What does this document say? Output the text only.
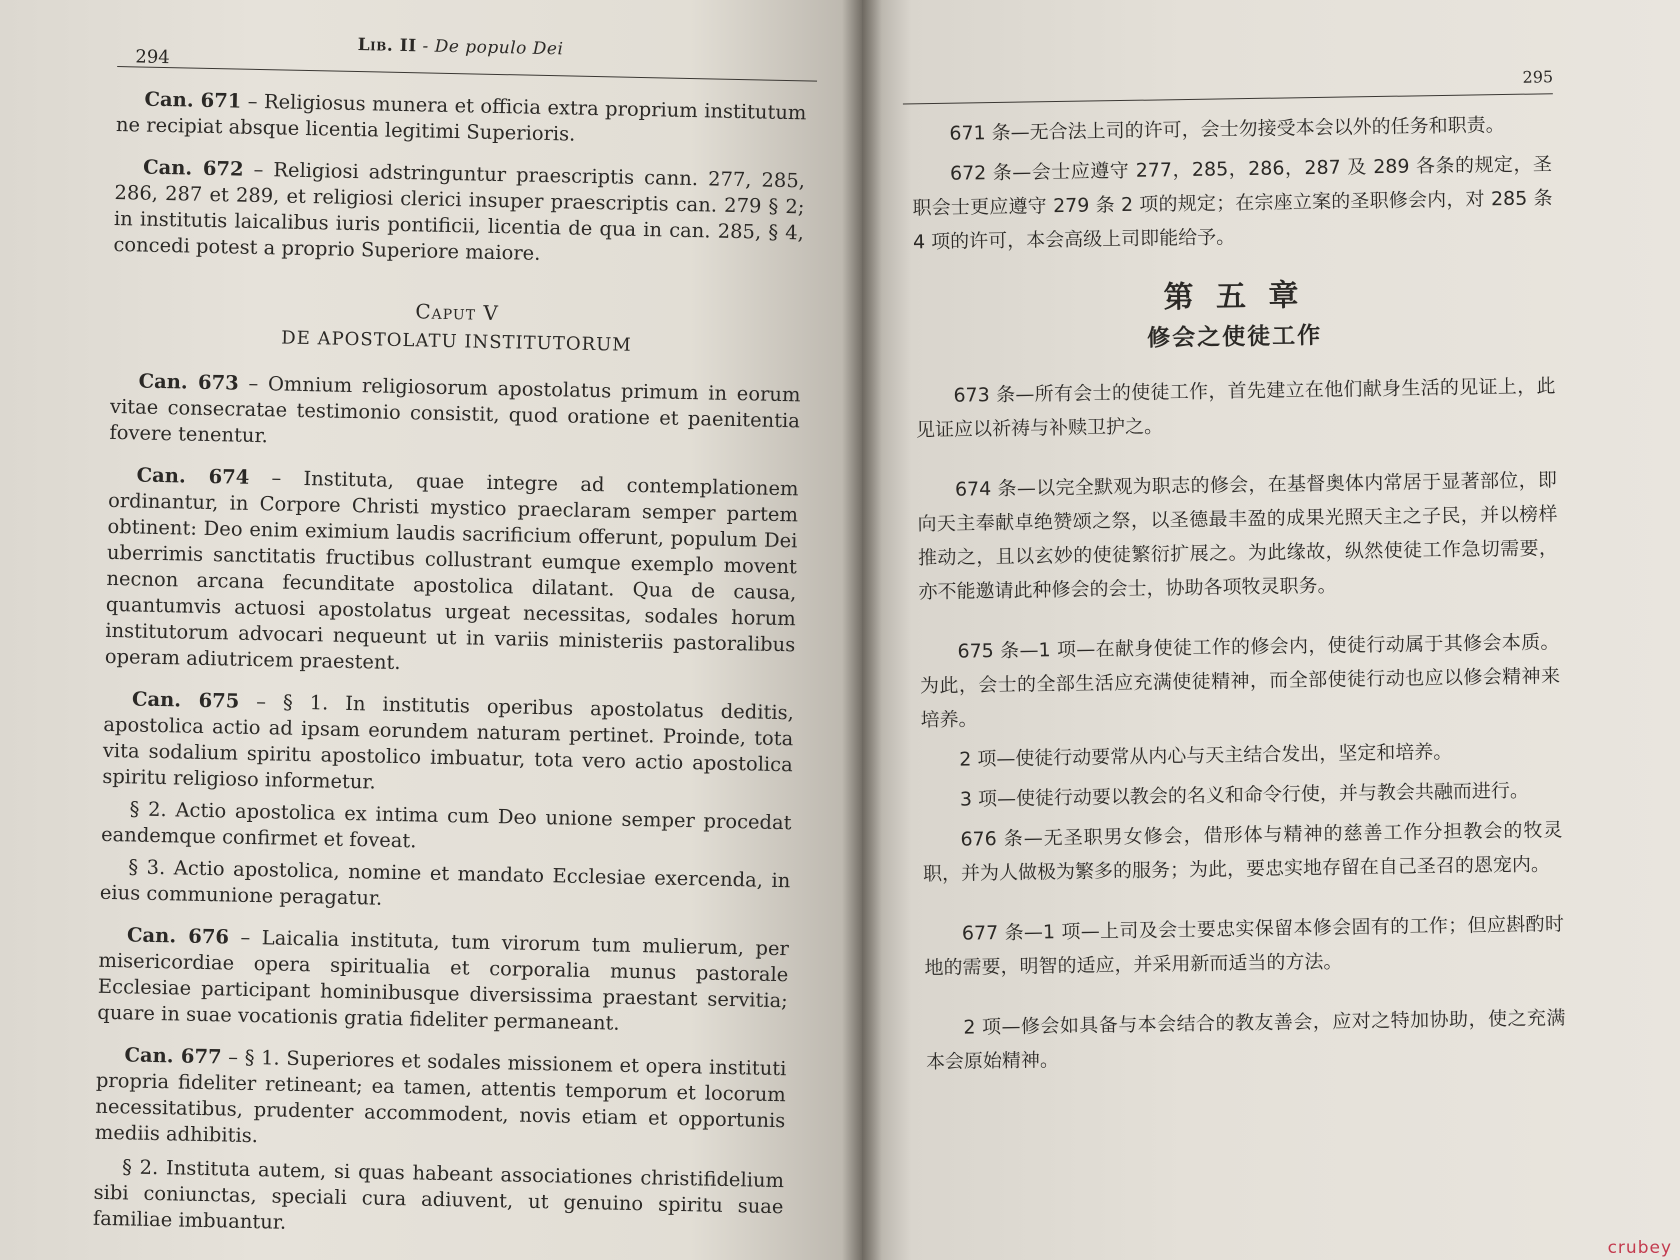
294
Lib. II - De populo Dei

Can. 671 – Religiosus munera et officia extra proprium institutum ne recipiat absque licentia legitimi Superioris.

Can. 672 – Religiosi adstringuntur praescriptis cann. 277, 285, 286, 287 et 289, et religiosi clerici insuper praescriptis can. 279 § 2; in institutis laicalibus iuris pontificii, licentia de qua in can. 285, § 4, concedi potest a proprio Superiore maiore.

Caput V
DE APOSTOLATU INSTITUTORUM

Can. 673 – Omnium religiosorum apostolatus primum in eorum vitae consecratae testimonio consistit, quod oratione et paenitentia fovere tenentur.

Can. 674 – Instituta, quae integre ad contemplationem ordinantur, in Corpore Christi mystico praeclaram semper partem obtinent: Deo enim eximium laudis sacrificium offerunt, populum Dei uberrimis sanctitatis fructibus collustrant eumque exemplo movent necnon arcana fecunditate apostolica dilatant. Qua de causa, quantumvis actuosi apostolatus urgeat necessitas, sodales horum institutorum advocari nequeunt ut in variis ministeriis pastoralibus operam adiutricem praestent.

Can. 675 – § 1. In institutis operibus apostolatus deditis, apostolica actio ad ipsam eorundem naturam pertinet. Proinde, tota vita sodalium spiritu apostolico imbuatur, tota vero actio apostolica spiritu religioso informetur.

§ 2. Actio apostolica ex intima cum Deo unione semper procedat eandemque confirmet et foveat.

§ 3. Actio apostolica, nomine et mandato Ecclesiae exercenda, in eius communione peragatur.

Can. 676 – Laicalia instituta, tum virorum tum mulierum, per misericordiae opera spiritualia et corporalia munus pastorale Ecclesiae participant hominibusque diversissima praestant servitia; quare in suae vocationis gratia fideliter permaneant.

Can. 677 – § 1. Superiores et sodales missionem et opera instituti propria fideliter retineant; ea tamen, attentis temporum et locorum necessitatibus, prudenter accommodent, novis etiam et opportunis mediis adhibitis.

§ 2. Instituta autem, si quas habeant associationes christifidelium sibi coniunctas, speciali cura adiuvent, ut genuino spiritu suae familiae imbuantur.

295

671 条—无合法上司的许可，会士勿接受本会以外的任务和职责。

672 条—会士应遵守 277，285，286，287 及 289 各条的规定，圣职会士更应遵守 279 条 2 项的规定；在宗座立案的圣职修会内，对 285 条 4 项的许可，本会高级上司即能给予。

第 五 章
修会之使徒工作

673 条—所有会士的使徒工作，首先建立在他们献身生活的见证上，此见证应以祈祷与补赎卫护之。

674 条—以完全默观为职志的修会，在基督奥体内常居于显著部位，即向天主奉献卓绝赞颂之祭，以圣德最丰盈的成果光照天主之子民，并以榜样推动之，且以玄妙的使徒繁衍扩展之。为此缘故，纵然使徒工作急切需要，亦不能邀请此种修会的会士，协助各项牧灵职务。

675 条—1 项—在献身使徒工作的修会内，使徒行动属于其修会本质。为此，会士的全部生活应充满使徒精神，而全部使徒行动也应以修会精神来培养。

2 项—使徒行动要常从内心与天主结合发出，坚定和培养。

3 项—使徒行动要以教会的名义和命令行使，并与教会共融而进行。

676 条—无圣职男女修会，借形体与精神的慈善工作分担教会的牧灵职，并为人做极为繁多的服务；为此，要忠实地存留在自己圣召的恩宠内。

677 条—1 项—上司及会士要忠实保留本修会固有的工作；但应斟酌时地的需要，明智的适应，并采用新而适当的方法。

2 项—修会如具备与本会结合的教友善会，应对之特加协助，使之充满本会原始精神。

crubey
